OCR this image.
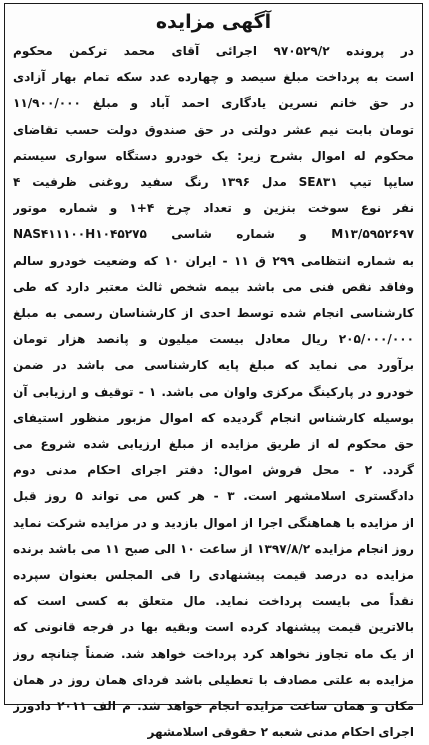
آگهی مزایده
در پرونده ۹۷۰۵۲۹/۲ اجرائی آقای محمد ترکمن محکوم
است به پرداخت مبلغ سیصد و چهارده عدد سکه تمام بهار آزادی
در حق خانم نسرین یادگاری احمد آباد و مبلغ ۱۱/۹۰۰/۰۰۰
تومان بابت نیم عشر دولتی در حق صندوق دولت حسب تقاضای
محکوم له اموال بشرح زیر: یک خودرو دستگاه سواری سیستم
سایپا تیپ SE۸۳۱ مدل ۱۳۹۶ رنگ سفید روغنی ظرفیت ۴
نفر نوع سوخت بنزین و تعداد چرخ ۴+۱ و شماره موتور
M۱۳/۵۹۵۲۶۹۷ و شماره شاسی NAS۴۱۱۱۰۰H۱۰۴۵۲۷۵
به شماره انتظامی ۲۹۹ ق ۱۱ - ایران ۱۰ که وضعیت خودرو سالم
وفاقد نقص فنی می باشد بیمه شخص ثالث معتبر دارد که طی
کارشناسی انجام شده توسط احدی از کارشناسان رسمی به مبلغ
۲۰۵/۰۰۰/۰۰۰ ریال معادل بیست میلیون و پانصد هزار تومان
برآورد می نماید که مبلغ پایه کارشناسی می باشد در ضمن
خودرو در پارکینگ مرکزی واوان می باشد. ۱ - توقیف و ارزیابی آن
بوسیله کارشناس انجام گردیده که اموال مزبور منظور استیفای
حق محکوم له از طریق مزایده از مبلغ ارزیابی شده شروع می
گردد. ۲ - محل فروش اموال: دفتر اجرای احکام مدنی دوم
دادگستری اسلامشهر است. ۳ - هر کس می تواند ۵ روز قبل
از مزایده با هماهنگی اجرا از اموال بازدید و در مزایده شرکت نماید
روز انجام مزایده ۱۳۹۷/۸/۲ از ساعت ۱۰ الی صبح ۱۱ می باشد برنده
مزایده ده درصد قیمت پیشنهادی را فی المجلس بعنوان سپرده
نقداً می بایست پرداخت نماید. مال متعلق به کسی است که
بالاترین قیمت پیشنهاد کرده است وبقیه بها در فرجه قانونی که
از یک ماه تجاوز نخواهد کرد پرداخت خواهد شد. ضمناً چنانچه روز
مزایده به علتی مصادف با تعطیلی باشد فردای همان روز در همان
مکان و همان ساعت مزایده انجام خواهد شد. م الف ۲۰۱۱ دادورز
اجرای احکام مدنی شعبه ۲ حقوقی اسلامشهر
